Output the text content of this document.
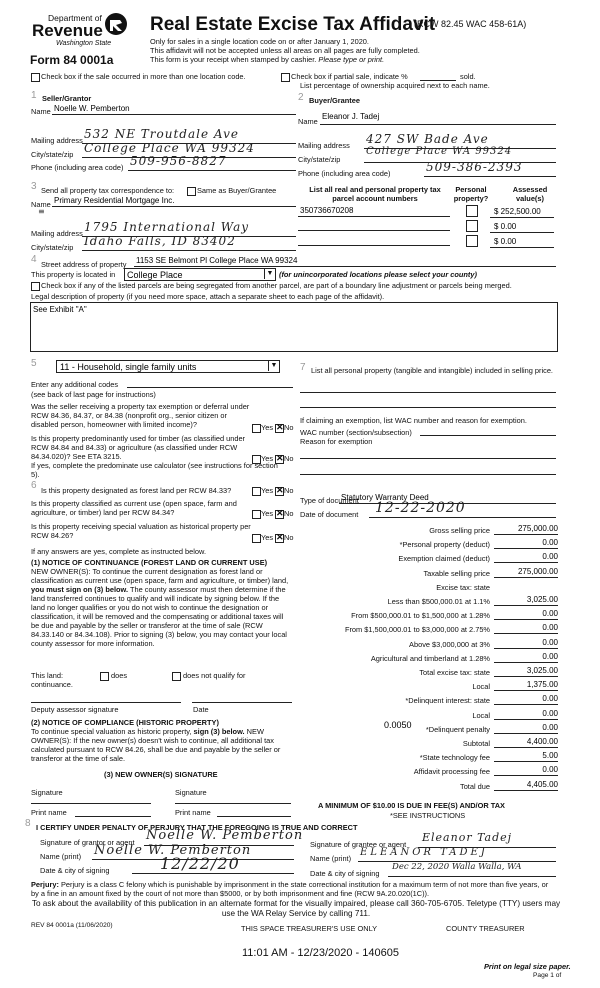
Department of
Revenue
Washington State
Form 84 0001a
Real Estate Excise Tax Affidavit
(RCW 82.45 WAC 458-61A)
Only for sales in a single location code on or after January 1, 2020.
This affidavit will not be accepted unless all areas on all pages are fully completed.
This form is your receipt when stamped by cashier. Please type or print.
Check box if the sale occurred in more than one location code.	Check box if partial sale, indicate %	sold.
List percentage of ownership acquired next to each name.
1 Seller/Grantor
Name Noelle W. Pemberton
Mailing address 532 NE Troutdale Ave
City/state/zip College Place WA 99324
Phone (including area code) 509-956-8827
2 Buyer/Grantee
Name
Eleanor J. Tadej
Mailing address 427 SW Bade Ave
City/state/zip
College Place WA 99324
Phone (including area code)	509-386-2393
3 Send all property tax correspondence to:	Same as Buyer/Grantee
Name Primary Residential Mortgage Inc.
≡
Mailing address 1795 International Way
City/state/zip Idaho Falls, ID 83402
List all real and personal property tax parcel account numbers
Personal property?
Assessed value(s)
350736670208	$ 252,500.00
$ 0.00
$ 0.00
4 Street address of property 1153 SE Belmont Pl College Place WA 99324
This property is located in College Place	▼ (for unincorporated locations please select your county)
Check box if any of the listed parcels are being segregated from another parcel, are part of a boundary line adjustment or parcels being merged.
Legal description of property (if you need more space, attach a separate sheet to each page of the affidavit).
See Exhibit "A"
5	11 - Household, single family units	▼
Enter any additional codes
(see back of last page for instructions)
Was the seller receiving a property tax exemption or deferral under RCW 84.36, 84.37, or 84.38 (nonprofit org., senior citizen or disabled person, homeowner with limited income)?	Yes ✕ No
Is this property predominantly used for timber (as classified under RCW 84.84 and 84.33) or agriculture (as classified under RCW 84.34.020)? See ETA 3215.	Yes ✕ No
If yes, complete the predominate use calculator (see instructions for section 5).
6 Is this property designated as forest land per RCW 84.33?	Yes ✕ No
Is this property classified as current use (open space, farm and agriculture, or timber) land per RCW 84.34?	Yes ✕ No
Is this property receiving special valuation as historical property per RCW 84.26?	Yes ✕ No
If any answers are yes, complete as instructed below.
(1) NOTICE OF CONTINUANCE (FOREST LAND OR CURRENT USE)
NEW OWNER(S): To continue the current designation as forest land or classification as current use (open space, farm and agriculture, or timber) land, you must sign on (3) below. The county assessor must then determine if the land transferred continues to qualify and will indicate by signing below. If the land no longer qualifies or you do not wish to continue the designation or classification, it will be removed and the compensating or additional taxes will be due and payable by the seller or transferor at the time of sale (RCW 84.33.140 or 84.34.108). Prior to signing (3) below, you may contact your local county assessor for more information.
This land:	does	does not qualify for
continuance.
Deputy assessor signature	Date
(2) NOTICE OF COMPLIANCE (HISTORIC PROPERTY)
To continue special valuation as historic property, sign (3) below. NEW OWNER(S): If the new owner(s) doesn't wish to continue, all additional tax calculated pursuant to RCW 84.26, shall be due and payable by the seller or transferor at the time of sale.
(3) NEW OWNER(S) SIGNATURE
Signature	Signature
Print name	Print name
7 List all personal property (tangible and intangible) included in selling price.
If claiming an exemption, list WAC number and reason for exemption.
WAC number (section/subsection)
Reason for exemption
Type of document
Statutory Warranty Deed
Date of document 12-22-2020
Gross selling price	275,000.00
*Personal property (deduct)	0.00
Exemption claimed (deduct)	0.00
Taxable selling price	275,000.00
Excise tax: state
Less than $500,000.01 at 1.1%	3,025.00
From $500,000.01 to $1,500,000 at 1.28%	0.00
From $1,500,000.01 to $3,000,000 at 2.75%	0.00
Above $3,000,000 at 3%	0.00
Agricultural and timberland at 1.28%	0.00
Total excise tax: state	3,025.00
Local	1,375.00
*Delinquent interest: state	0.00
Local	0.00
*Delinquent penalty	0.00
Subtotal	4,400.00
*State technology fee	5.00
Affidavit processing fee	0.00
Total due	4,405.00
0.0050
A MINIMUM OF $10.00 IS DUE IN FEE(S) AND/OR TAX
*SEE INSTRUCTIONS
8 I CERTIFY UNDER PENALTY OF PERJURY THAT THE FOREGOING IS TRUE AND CORRECT
Signature of grantor or agent Noelle W. Pemberton
Name (print) Noelle W. Pemberton
Date & city of signing	12/22/20
Signature of grantee or agent
Eleanor Tadej
Name (print)
ELEANOR TADEJ
Date & city of signing
Dec 22, 2020 Walla Walla, WA
Perjury: Perjury is a class C felony which is punishable by imprisonment in the state correctional institution for a maximum term of not more than five years, or by a fine in an amount fixed by the court of not more than $5000, or by both imprisonment and fine (RCW 9A.20.020(1C)).
To ask about the availability of this publication in an alternate format for the visually impaired, please call 360-705-6705. Teletype (TTY) users may use the WA Relay Service by calling 711.
REV 84 0001a (11/06/2020)	THIS SPACE TREASURER'S USE ONLY	COUNTY TREASURER
11:01 AM - 12/23/2020 - 140605
Print on legal size paper.
Page 1 of
